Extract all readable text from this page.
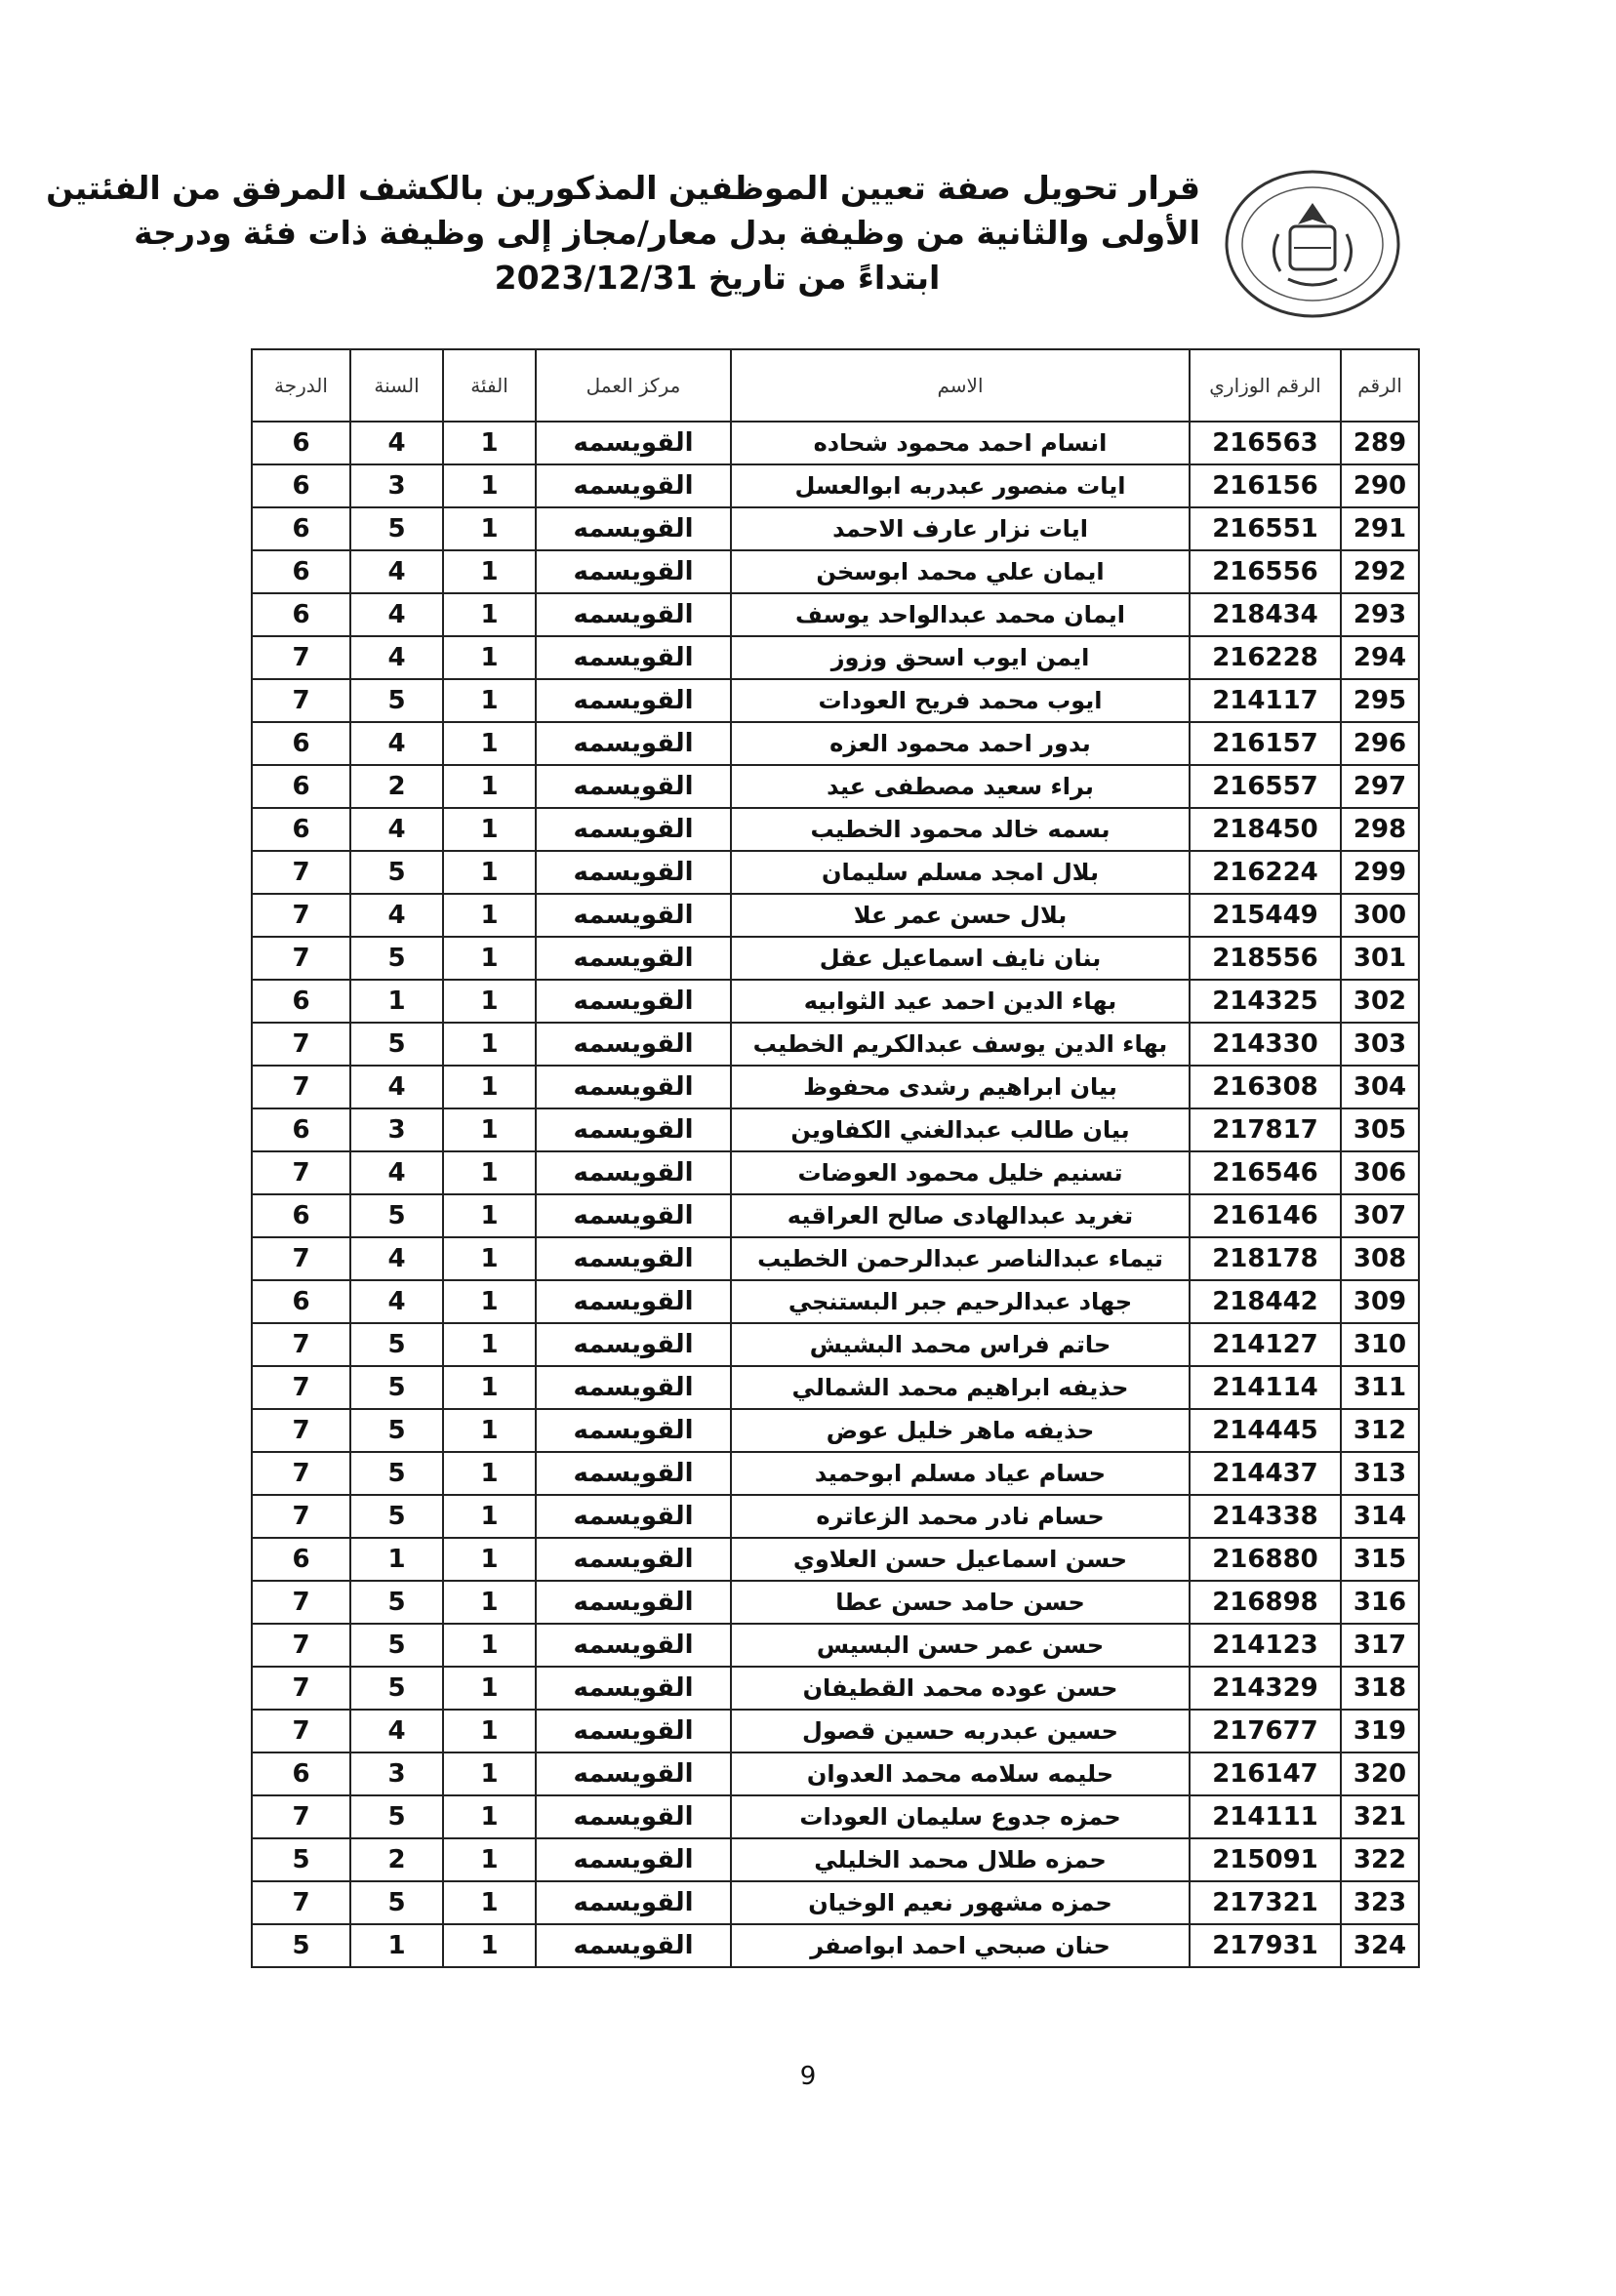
قرار تحويل صفة تعيين الموظفين المذكورين بالكشف المرفق من الفئتين
الأولى والثانية من وظيفة بدل معار/مجاز إلى وظيفة ذات فئة ودرجة
ابتداءً من تاريخ 2023/12/31
الرقم	الرقم الوزاري	الاسم	مركز العمل	الفئة	السنة	الدرجة
289	216563	انسام احمد محمود شحاده	القويسمه	1	4	6
290	216156	ايات منصور عبدربه ابوالعسل	القويسمه	1	3	6
291	216551	ايات نزار عارف الاحمد	القويسمه	1	5	6
292	216556	ايمان علي محمد ابوسخن	القويسمه	1	4	6
293	218434	ايمان محمد عبدالواحد يوسف	القويسمه	1	4	6
294	216228	ايمن ايوب اسحق وزوز	القويسمه	1	4	7
295	214117	ايوب محمد فريح العودات	القويسمه	1	5	7
296	216157	بدور احمد محمود العزه	القويسمه	1	4	6
297	216557	براء سعيد مصطفى عيد	القويسمه	1	2	6
298	218450	بسمه خالد محمود الخطيب	القويسمه	1	4	6
299	216224	بلال امجد مسلم سليمان	القويسمه	1	5	7
300	215449	بلال حسن عمر علا	القويسمه	1	4	7
301	218556	بنان نايف اسماعيل عقل	القويسمه	1	5	7
302	214325	بهاء الدين احمد عيد الثوابيه	القويسمه	1	1	6
303	214330	بهاء الدين يوسف عبدالكريم الخطيب	القويسمه	1	5	7
304	216308	بيان ابراهيم رشدى محفوظ	القويسمه	1	4	7
305	217817	بيان طالب عبدالغني الكفاوين	القويسمه	1	3	6
306	216546	تسنيم خليل محمود العوضات	القويسمه	1	4	7
307	216146	تغريد عبدالهادى صالح العراقيه	القويسمه	1	5	6
308	218178	تيماء عبدالناصر عبدالرحمن الخطيب	القويسمه	1	4	7
309	218442	جهاد عبدالرحيم جبر البستنجي	القويسمه	1	4	6
310	214127	حاتم فراس محمد البشيش	القويسمه	1	5	7
311	214114	حذيفه ابراهيم محمد الشمالي	القويسمه	1	5	7
312	214445	حذيفه ماهر خليل عوض	القويسمه	1	5	7
313	214437	حسام عياد مسلم ابوحميد	القويسمه	1	5	7
314	214338	حسام نادر محمد الزعاتره	القويسمه	1	5	7
315	216880	حسن اسماعيل حسن العلاوي	القويسمه	1	1	6
316	216898	حسن حامد حسن عطا	القويسمه	1	5	7
317	214123	حسن عمر حسن البسيس	القويسمه	1	5	7
318	214329	حسن عوده محمد القطيفان	القويسمه	1	5	7
319	217677	حسين عبدربه حسين قصول	القويسمه	1	4	7
320	216147	حليمه سلامه محمد العدوان	القويسمه	1	3	6
321	214111	حمزه جدوع سليمان العودات	القويسمه	1	5	7
322	215091	حمزه طلال محمد الخليلي	القويسمه	1	2	5
323	217321	حمزه مشهور نعيم الوخيان	القويسمه	1	5	7
324	217931	حنان صبحي احمد ابواصفر	القويسمه	1	1	5
9
